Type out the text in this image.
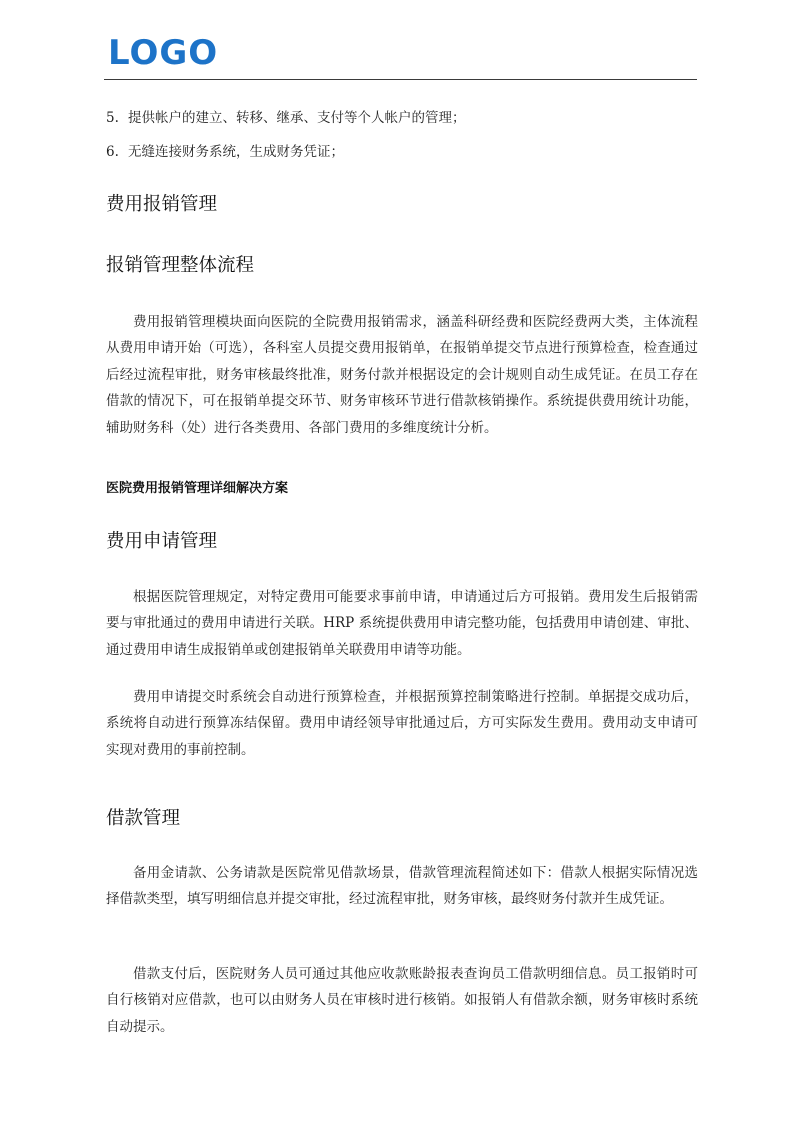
LOGO
5. 提供帐户的建立、转移、继承、支付等个人帐户的管理；
6. 无缝连接财务系统，生成财务凭证；
费用报销管理
报销管理整体流程
费用报销管理模块面向医院的全院费用报销需求，涵盖科研经费和医院经费两大类，主体流程从费用申请开始（可选），各科室人员提交费用报销单，在报销单提交节点进行预算检查，检查通过后经过流程审批，财务审核最终批准，财务付款并根据设定的会计规则自动生成凭证。在员工存在借款的情况下，可在报销单提交环节、财务审核环节进行借款核销操作。系统提供费用统计功能，辅助财务科（处）进行各类费用、各部门费用的多维度统计分析。
医院费用报销管理详细解决方案
费用申请管理
根据医院管理规定，对特定费用可能要求事前申请，申请通过后方可报销。费用发生后报销需要与审批通过的费用申请进行关联。HRP 系统提供费用申请完整功能，包括费用申请创建、审批、通过费用申请生成报销单或创建报销单关联费用申请等功能。
费用申请提交时系统会自动进行预算检查，并根据预算控制策略进行控制。单据提交成功后，系统将自动进行预算冻结保留。费用申请经领导审批通过后，方可实际发生费用。费用动支申请可实现对费用的事前控制。
借款管理
备用金请款、公务请款是医院常见借款场景，借款管理流程简述如下：借款人根据实际情况选择借款类型，填写明细信息并提交审批，经过流程审批，财务审核，最终财务付款并生成凭证。
借款支付后，医院财务人员可通过其他应收款账龄报表查询员工借款明细信息。员工报销时可自行核销对应借款，也可以由财务人员在审核时进行核销。如报销人有借款余额，财务审核时系统自动提示。
